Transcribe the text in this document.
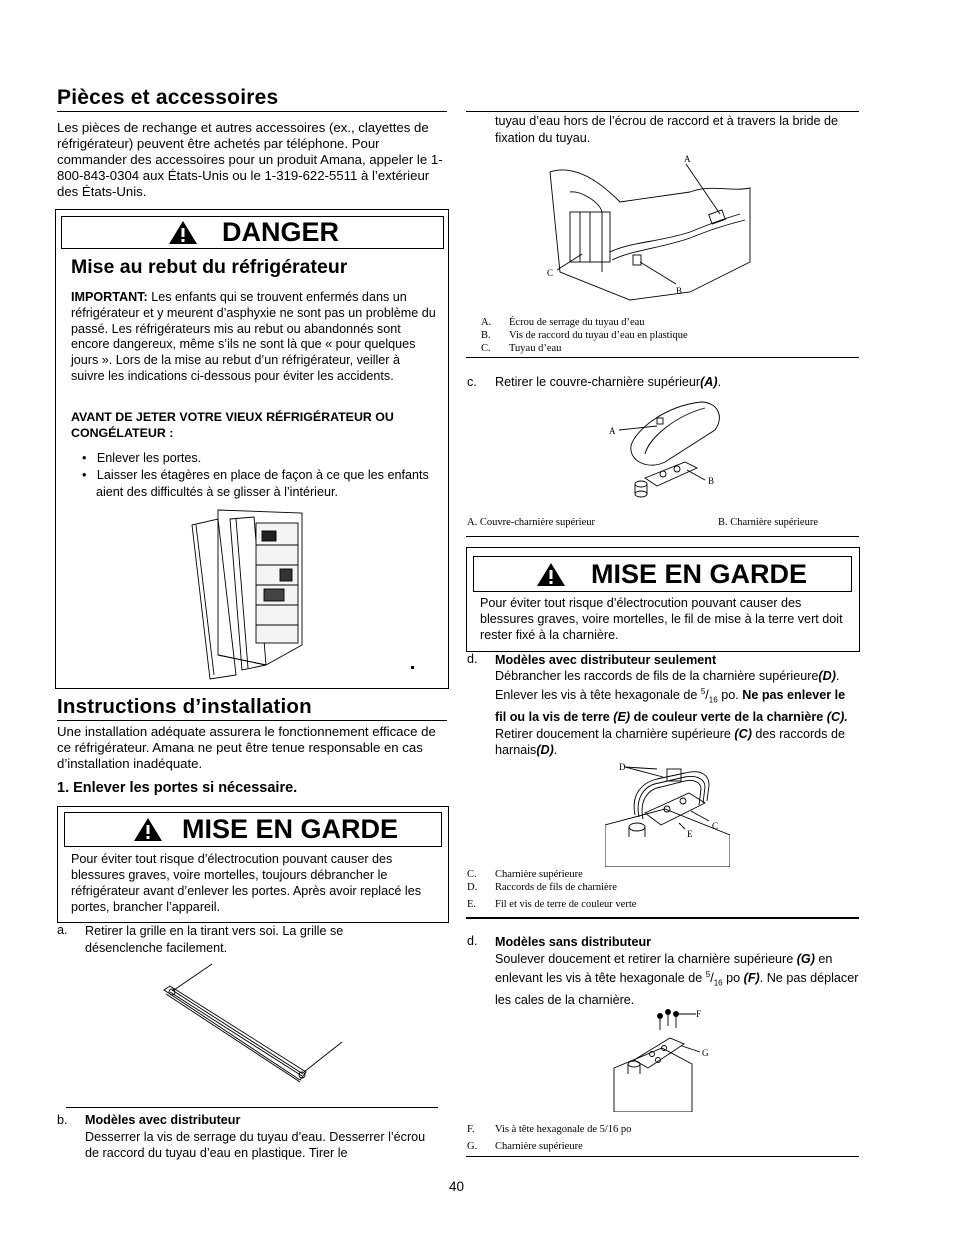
Pièces et accessoires
Les pièces de rechange et autres accessoires (ex., clayettes de réfrigérateur) peuvent être achetés par téléphone. Pour commander des accessoires pour un produit Amana, appeler le 1-800-843-0304 aux États-Unis ou le 1-319-622-5511 à l’extérieur des États-Unis.
DANGER
Mise au rebut du réfrigérateur
IMPORTANT: Les enfants qui se trouvent enfermés dans un réfrigérateur et y meurent d’asphyxie ne sont pas un problème du passé. Les réfrigérateurs mis au rebut ou abandonnés sont encore dangereux, même s’ils ne sont là que « pour quelques jours ». Lors de la mise au rebut d’un réfrigérateur, veiller à suivre les indications ci-dessous pour éviter les accidents.
AVANT DE JETER VOTRE VIEUX RÉFRIGÉRATEUR OU CONGÉLATEUR :
•   Enlever les portes.
•   Laisser les étagères en place de façon à ce que les enfants aient des difficultés à se glisser à l’intérieur.
Instructions d’installation
Une installation adéquate assurera le fonctionnement efficace de ce réfrigérateur. Amana ne peut être tenue responsable en cas d’installation inadéquate.
1. Enlever les portes si nécessaire.
MISE EN GARDE
Pour éviter tout risque d’électrocution pouvant causer des blessures graves, voire mortelles, toujours débrancher le réfrigérateur avant d’enlever les portes. Après avoir replacé les portes, brancher l’appareil.
a. Retirer la grille en la tirant vers soi. La grille se désenclenche facilement.
b. Modèles avec distributeur
Desserrer la vis de serrage du tuyau d’eau. Desserrer l’écrou de raccord du tuyau d’eau en plastique. Tirer le
tuyau d’eau hors de l’écrou de raccord et à travers la bride de fixation du tuyau.
A
C
B
A. Écrou de serrage du tuyau d’eau
B. Vis de raccord du tuyau d’eau en plastique
C. Tuyau d’eau
c. Retirer le couvre-charnière supérieur(A).
A
B
A. Couvre-charnière supérieur	B. Charnière supérieure
MISE EN GARDE
Pour éviter tout risque d’électrocution pouvant causer des blessures graves, voire mortelles, le fil de mise à la terre vert doit rester fixé à la charnière.
d. Modèles avec distributeur seulement
Débrancher les raccords de fils de la charnière supérieure(D). Enlever les vis à tête hexagonale de $^5/_{16}$ po. Ne pas enlever le fil ou la vis de terre (E) de couleur verte de la charnière (C). Retirer doucement la charnière supérieure (C) des raccords de harnais(D).
D
E
C
C. Charnière supérieure
D. Raccords de fils de charnière
E. Fil et vis de terre de couleur verte
d. Modèles sans distributeur
Soulever doucement et retirer la charnière supérieure (G) en enlevant les vis à tête hexagonale de $^5/_{16}$ po (F). Ne pas déplacer les cales de la charnière.
F
G
F. Vis à tête hexagonale de 5/16 po
G. Charnière supérieure
40
